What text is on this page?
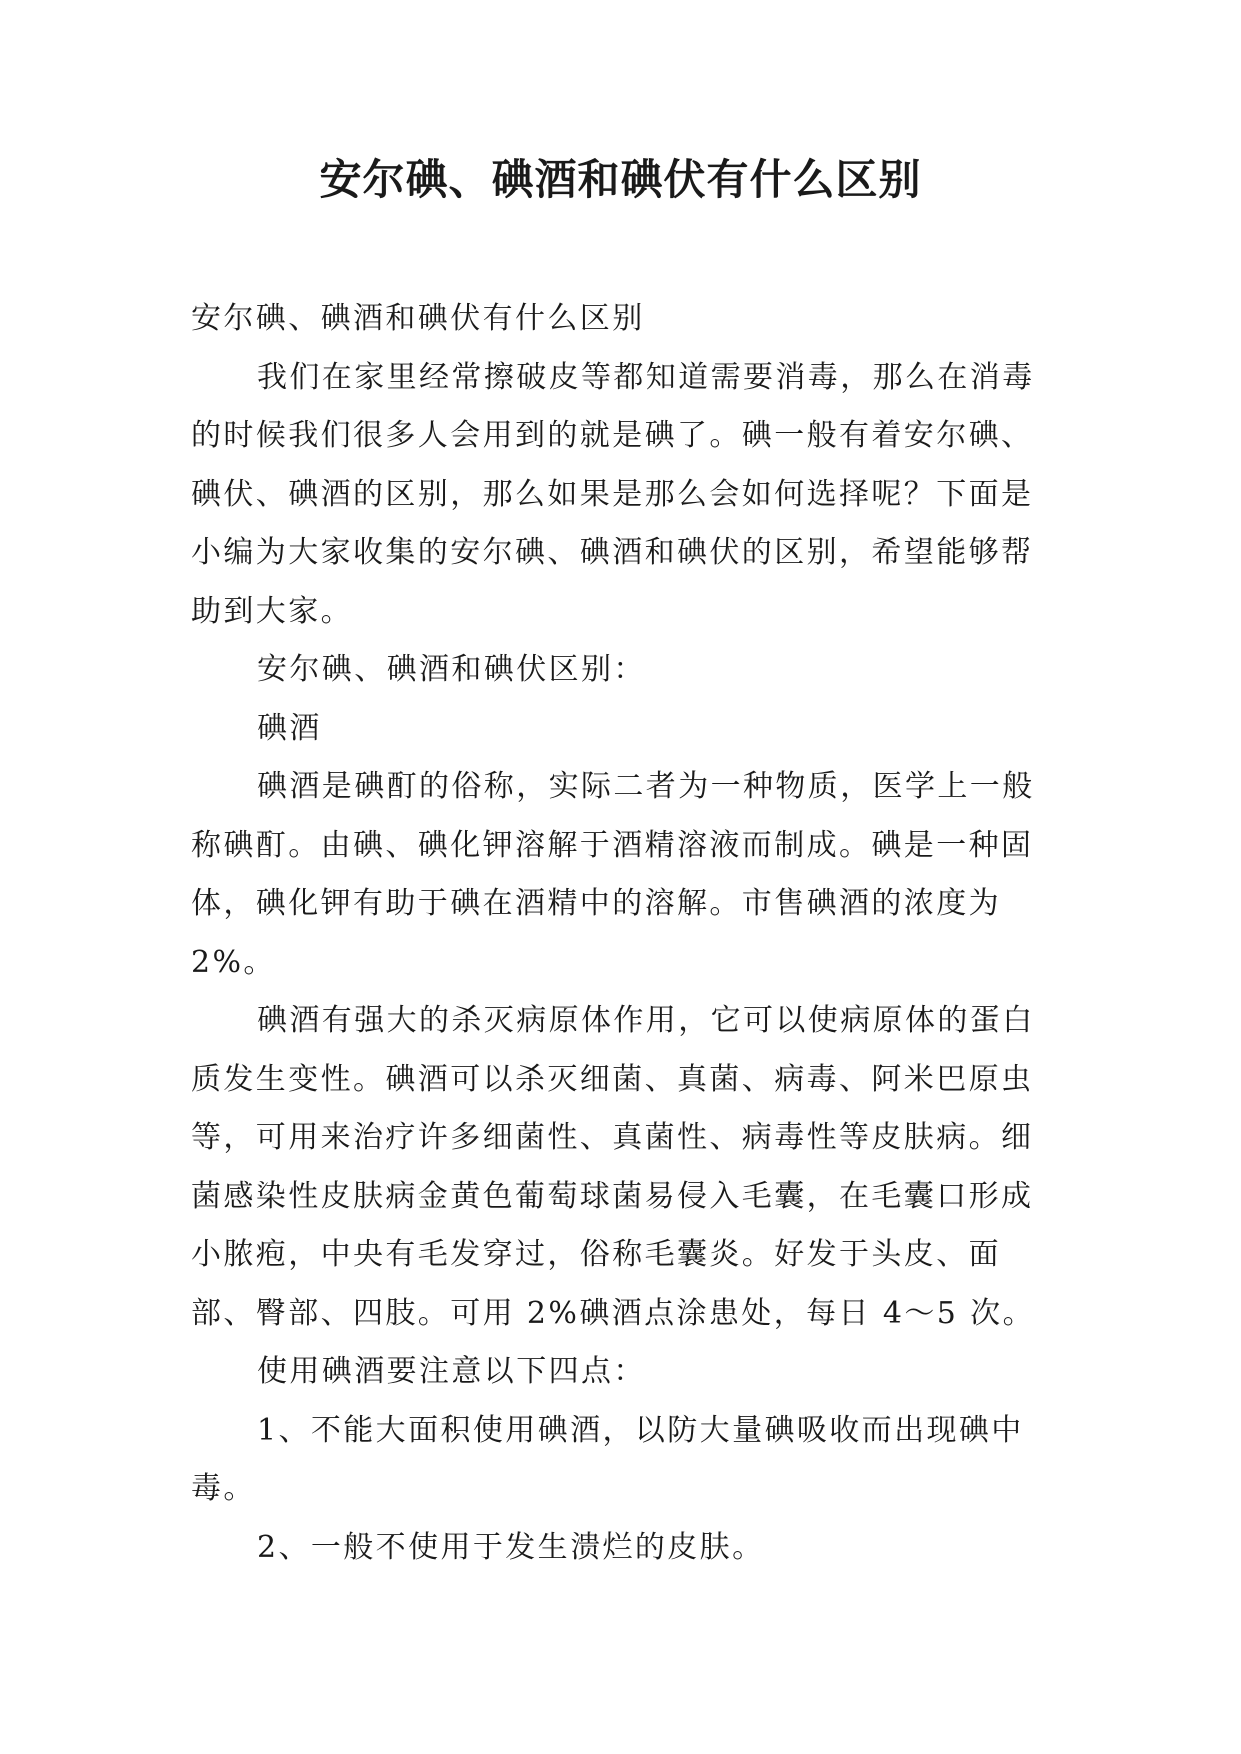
安尔碘、碘酒和碘伏有什么区别

安尔碘、碘酒和碘伏有什么区别

我们在家里经常擦破皮等都知道需要消毒，那么在消毒的时候我们很多人会用到的就是碘了。碘一般有着安尔碘、碘伏、碘酒的区别，那么如果是那么会如何选择呢？下面是小编为大家收集的安尔碘、碘酒和碘伏的区别，希望能够帮助到大家。

安尔碘、碘酒和碘伏区别：

碘酒

碘酒是碘酊的俗称，实际二者为一种物质，医学上一般称碘酊。由碘、碘化钾溶解于酒精溶液而制成。碘是一种固体，碘化钾有助于碘在酒精中的溶解。市售碘酒的浓度为2%。

碘酒有强大的杀灭病原体作用，它可以使病原体的蛋白质发生变性。碘酒可以杀灭细菌、真菌、病毒、阿米巴原虫等，可用来治疗许多细菌性、真菌性、病毒性等皮肤病。细菌感染性皮肤病金黄色葡萄球菌易侵入毛囊，在毛囊口形成小脓疱，中央有毛发穿过，俗称毛囊炎。好发于头皮、面部、臀部、四肢。可用 2%碘酒点涂患处，每日 4～5 次。

使用碘酒要注意以下四点：

1、不能大面积使用碘酒，以防大量碘吸收而出现碘中毒。

2、一般不使用于发生溃烂的皮肤。
